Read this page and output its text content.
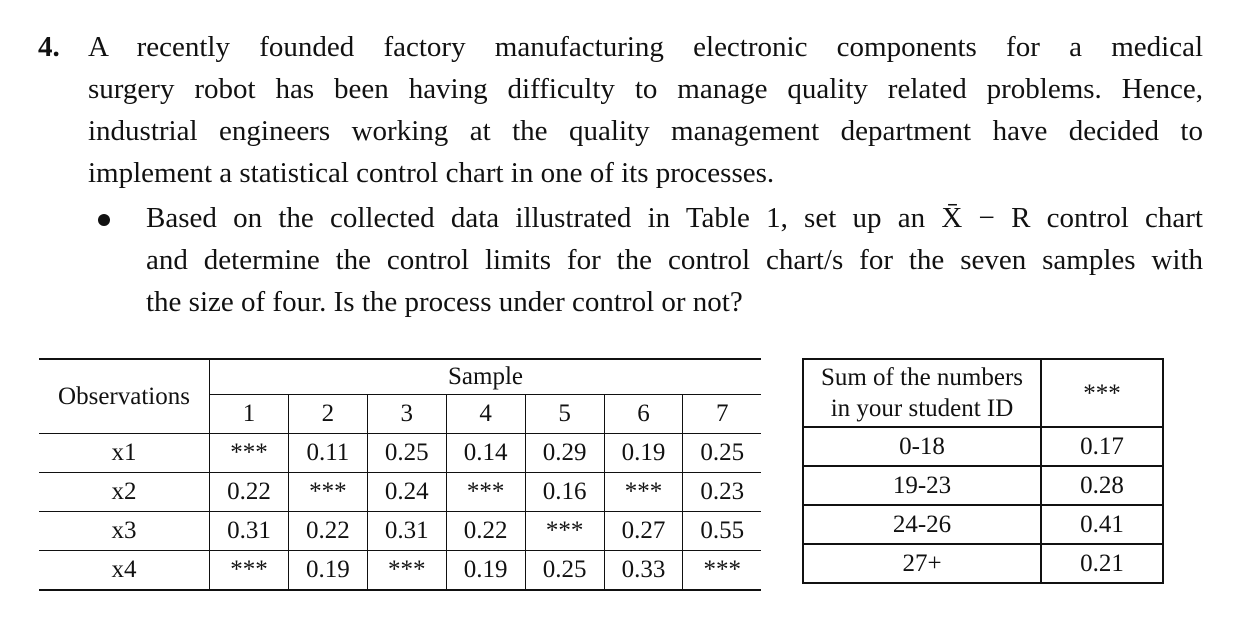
4. A recently founded factory manufacturing electronic components for a medical
surgery robot has been having difficulty to manage quality related problems. Hence,
industrial engineers working at the quality management department have decided to
implement a statistical control chart in one of its processes.
Based on the collected data illustrated in Table 1, set up an X̄ − R control chart
and determine the control limits for the control chart/s for the seven samples with
the size of four. Is the process under control or not?
Observations	Sample						
	1	2	3	4	5	6	7
x1	***	0.11	0.25	0.14	0.29	0.19	0.25
x2	0.22	***	0.24	***	0.16	***	0.23
x3	0.31	0.22	0.31	0.22	***	0.27	0.55
x4	***	0.19	***	0.19	0.25	0.33	***
Sum of the numbers
in your student ID	***
0-18	0.17
19-23	0.28
24-26	0.41
27+	0.21
